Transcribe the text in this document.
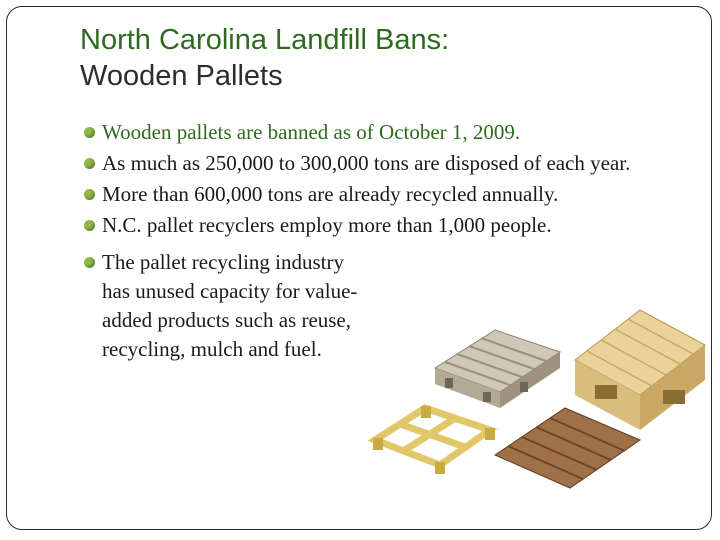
North Carolina Landfill Bans:
Wooden Pallets
Wooden pallets are banned as of October 1, 2009.
As much as 250,000 to 300,000 tons are disposed of each year.
More than 600,000 tons are already recycled annually.
N.C. pallet recyclers employ more than 1,000 people.
The pallet recycling industry has unused capacity for value-added products such as reuse, recycling, mulch and fuel.
